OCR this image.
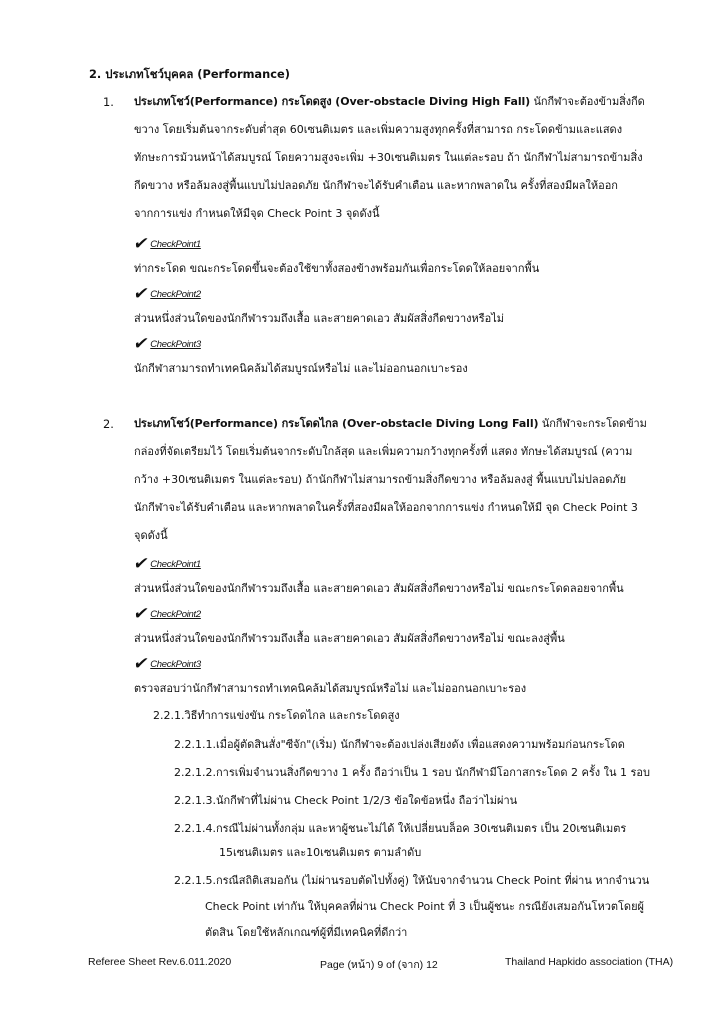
2. ประเภทโชว์บุคคล (Performance)
1. ประเภทโชว์(Performance) กระโดดสูง (Over-obstacle Diving High Fall) นักกีฬาจะต้องข้ามสิ่งกีด
ขวาง โดยเริ่มต้นจากระดับต่ำสุด 60เซนติเมตร และเพิ่มความสูงทุกครั้งที่สามารถ กระโดดข้ามและแสดง
ทักษะการม้วนหน้าได้สมบูรณ์ โดยความสูงจะเพิ่ม +30เซนติเมตร ในแต่ละรอบ ถ้า นักกีฬาไม่สามารถข้ามสิ่ง
กีดขวาง หรือล้มลงสู่พื้นแบบไม่ปลอดภัย นักกีฬาจะได้รับคำเตือน และหากพลาดใน ครั้งที่สองมีผลให้ออก
จากการแข่ง กำหนดให้มีจุด Check Point 3 จุดดังนี้
✔CheckPoint1
ท่ากระโดด ขณะกระโดดขึ้นจะต้องใช้ขาทั้งสองข้างพร้อมกันเพื่อกระโดดให้ลอยจากพื้น
✔CheckPoint2
ส่วนหนึ่งส่วนใดของนักกีฬารวมถึงเสื้อ และสายคาดเอว สัมผัสสิ่งกีดขวางหรือไม่
✔CheckPoint3
นักกีฬาสามารถทำเทคนิคล้มได้สมบูรณ์หรือไม่ และไม่ออกนอกเบาะรอง
2. ประเภทโชว์(Performance) กระโดดไกล (Over-obstacle Diving Long Fall) นักกีฬาจะกระโดดข้าม
กล่องที่จัดเตรียมไว้ โดยเริ่มต้นจากระดับใกล้สุด และเพิ่มความกว้างทุกครั้งที่ แสดง ทักษะได้สมบูรณ์ (ความ
กว้าง +30เซนติเมตร ในแต่ละรอบ) ถ้านักกีฬาไม่สามารถข้ามสิ่งกีดขวาง หรือล้มลงสู่ พื้นแบบไม่ปลอดภัย
นักกีฬาจะได้รับคำเตือน และหากพลาดในครั้งที่สองมีผลให้ออกจากการแข่ง กำหนดให้มี จุด Check Point 3
จุดดังนี้
✔CheckPoint1
ส่วนหนึ่งส่วนใดของนักกีฬารวมถึงเสื้อ และสายคาดเอว สัมผัสสิ่งกีดขวางหรือไม่ ขณะกระโดดลอยจากพื้น
✔CheckPoint2
ส่วนหนึ่งส่วนใดของนักกีฬารวมถึงเสื้อ และสายคาดเอว สัมผัสสิ่งกีดขวางหรือไม่ ขณะลงสู่พื้น
✔CheckPoint3
ตรวจสอบว่านักกีฬาสามารถทำเทคนิคล้มได้สมบูรณ์หรือไม่ และไม่ออกนอกเบาะรอง
2.2.1.วิธีทำการแข่งขัน กระโดดไกล และกระโดดสูง
2.2.1.1.เมื่อผู้ตัดสินสั่ง"ซีจัก"(เริ่ม) นักกีฬาจะต้องเปล่งเสียงดัง เพื่อแสดงความพร้อมก่อนกระโดด
2.2.1.2.การเพิ่มจำนวนสิ่งกีดขวาง 1 ครั้ง ถือว่าเป็น 1 รอบ นักกีฬามีโอกาสกระโดด 2 ครั้ง ใน 1 รอบ
2.2.1.3.นักกีฬาที่ไม่ผ่าน Check Point 1/2/3 ข้อใดข้อหนึ่ง ถือว่าไม่ผ่าน
2.2.1.4.กรณีไม่ผ่านทั้งกลุ่ม และหาผู้ชนะไม่ได้ ให้เปลี่ยนบล็อค 30เซนติเมตร เป็น 20เซนติเมตร
15เซนติเมตร และ10เซนติเมตร ตามลำดับ
2.2.1.5.กรณีสถิติเสมอกัน (ไม่ผ่านรอบตัดไปทั้งคู่) ให้นับจากจำนวน Check Point ที่ผ่าน หากจำนวน
Check Point เท่ากัน ให้บุคคลที่ผ่าน Check Point ที่ 3 เป็นผู้ชนะ กรณียังเสมอกันโหวตโดยผู้
ตัดสิน โดยใช้หลักเกณฑ์ผู้ที่มีเทคนิคที่ดีกว่า
Referee Sheet Rev.6.011.2020	Page (หน้า) 9 of (จาก) 12	Thailand Hapkido association (THA)
